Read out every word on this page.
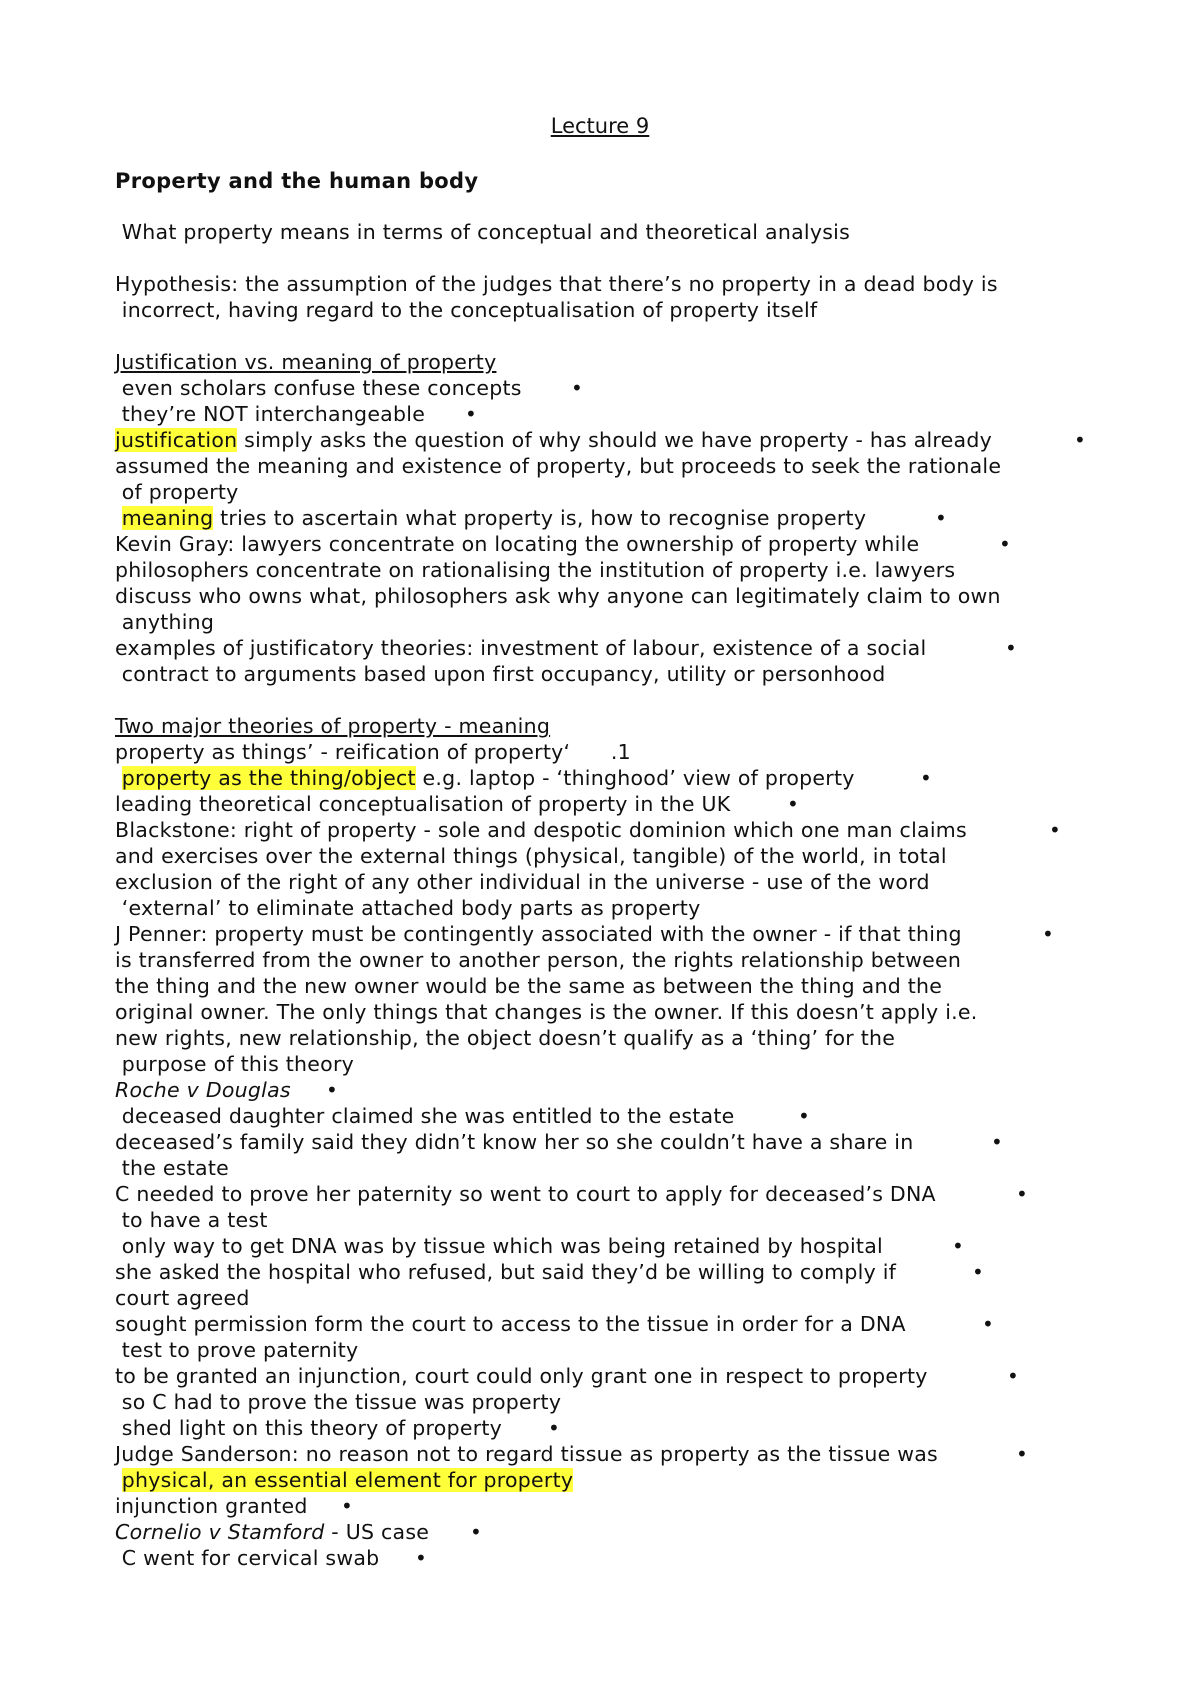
Lecture 9
Property and the human body
What property means in terms of conceptual and theoretical analysis
Hypothesis: the assumption of the judges that there’s no property in a dead body is
incorrect, having regard to the conceptualisation of property itself
Justification vs. meaning of property
even scholars confuse these concepts
they’re NOT interchangeable
justification simply asks the question of why should we have property - has already
assumed the meaning and existence of property, but proceeds to seek the rationale
of property
meaning tries to ascertain what property is, how to recognise property
Kevin Gray: lawyers concentrate on locating the ownership of property while
philosophers concentrate on rationalising the institution of property i.e. lawyers
discuss who owns what, philosophers ask why anyone can legitimately claim to own
anything
examples of justificatory theories: investment of labour, existence of a social
contract to arguments based upon first occupancy, utility or personhood
Two major theories of property - meaning
property as things’ - reification of property‘      .1
property as the thing/object e.g. laptop - ‘thinghood’ view of property
leading theoretical conceptualisation of property in the UK
Blackstone: right of property - sole and despotic dominion which one man claims
and exercises over the external things (physical, tangible) of the world, in total
exclusion of the right of any other individual in the universe - use of the word
‘external’ to eliminate attached body parts as property
J Penner: property must be contingently associated with the owner - if that thing
is transferred from the owner to another person, the rights relationship between
the thing and the new owner would be the same as between the thing and the
original owner. The only things that changes is the owner. If this doesn’t apply i.e.
new rights, new relationship, the object doesn’t qualify as a ‘thing’ for the
purpose of this theory
Roche v Douglas
deceased daughter claimed she was entitled to the estate
deceased’s family said they didn’t know her so she couldn’t have a share in
the estate
C needed to prove her paternity so went to court to apply for deceased’s DNA
to have a test
only way to get DNA was by tissue which was being retained by hospital
she asked the hospital who refused, but said they’d be willing to comply if
court agreed
sought permission form the court to access to the tissue in order for a DNA
test to prove paternity
to be granted an injunction, court could only grant one in respect to property
so C had to prove the tissue was property
shed light on this theory of property
Judge Sanderson: no reason not to regard tissue as property as the tissue was
physical, an essential element for property
injunction granted
Cornelio v Stamford - US case
C went for cervical swab
•
•
•
•
•
•
•
•
•
•
•
•
•
•
•
•
•
•
•
•
•
•
•
